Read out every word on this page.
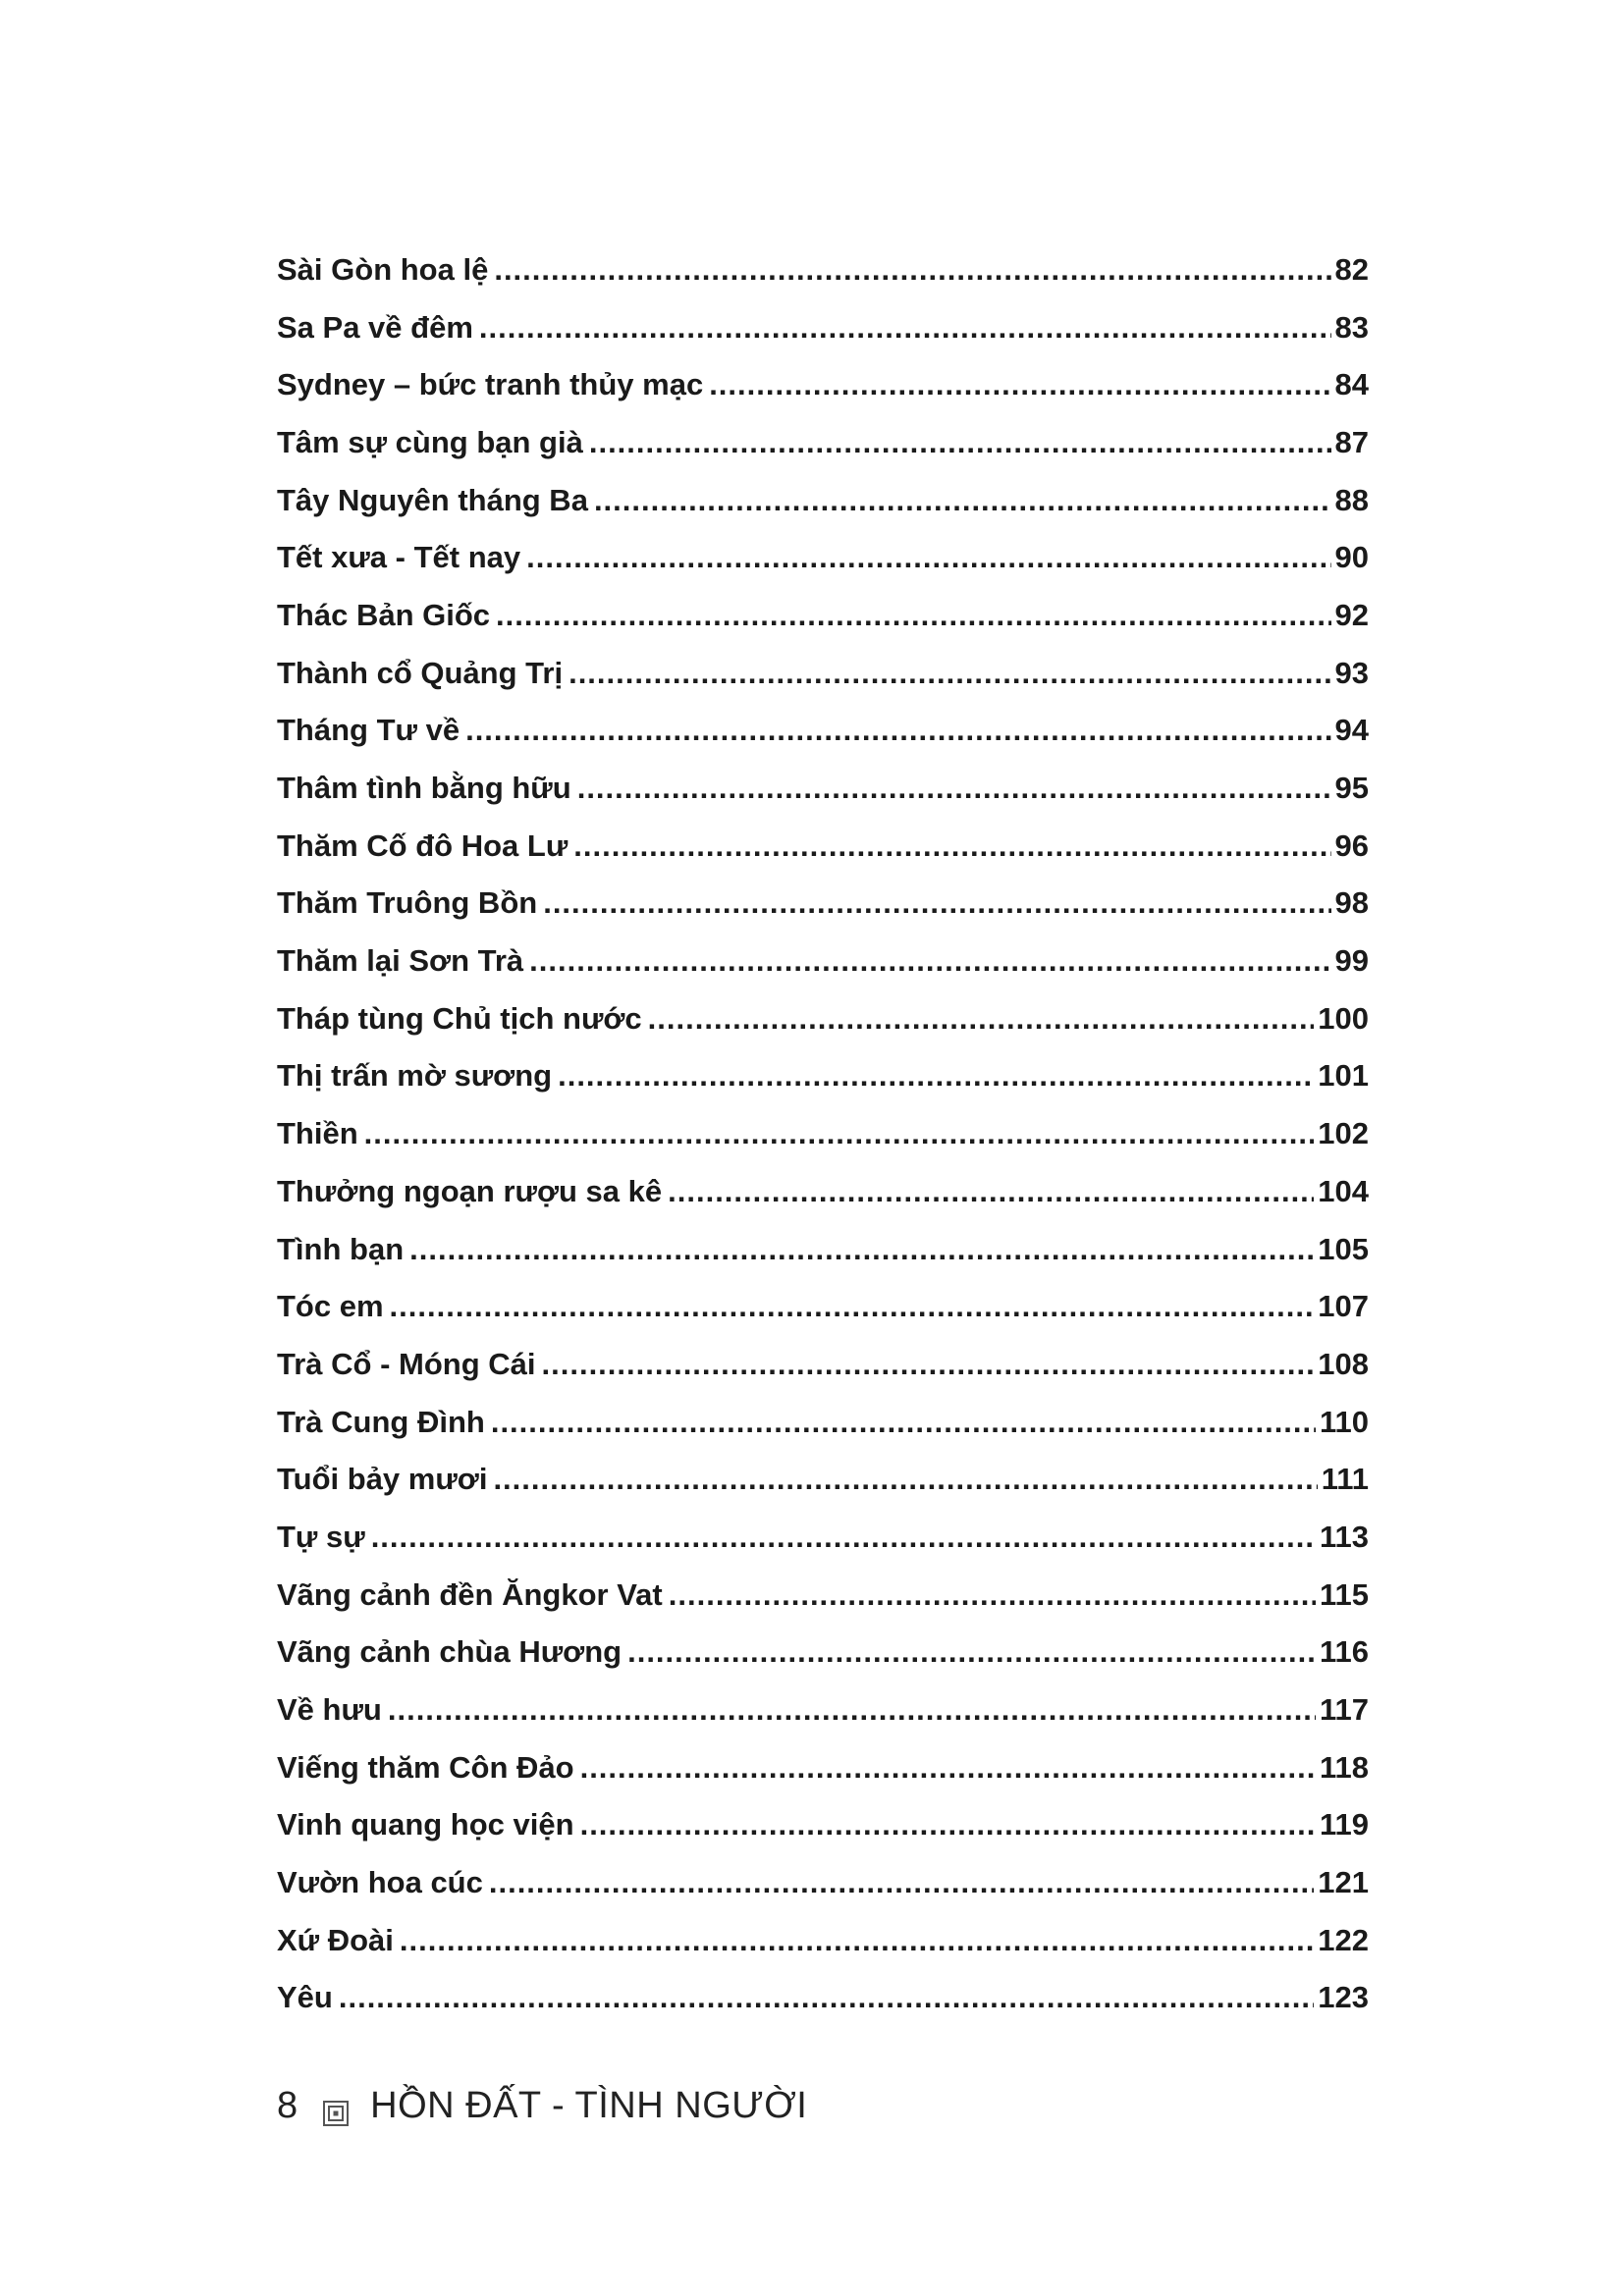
Sài Gòn hoa lệ .....	82
Sa Pa về đêm .....	83
Sydney – bức tranh thủy mạc .....	84
Tâm sự cùng bạn già .....	87
Tây Nguyên tháng Ba .....	88
Tết xưa - Tết nay .....	90
Thác Bản Giốc .....	92
Thành cổ Quảng Trị .....	93
Tháng Tư về .....	94
Thâm tình bằng hữu .....	95
Thăm Cố đô Hoa Lư .....	96
Thăm Truông Bồn .....	98
Thăm lại Sơn Trà .....	99
Tháp tùng Chủ tịch nước .....	100
Thị trấn mờ sương .....	101
Thiền .....	102
Thưởng ngoạn rượu sa kê .....	104
Tình bạn .....	105
Tóc em .....	107
Trà Cổ - Móng Cái .....	108
Trà Cung Đình .....	110
Tuổi bảy mươi .....	111
Tự sự .....	113
Vãng cảnh đền Ăngkor Vat .....	115
Vãng cảnh chùa Hương .....	116
Về hưu .....	117
Viếng thăm Côn Đảo .....	118
Vinh quang học viện .....	119
Vườn hoa cúc .....	121
Xứ Đoài .....	122
Yêu .....	123
8 HỒN ĐẤT - TÌNH NGƯỜI
